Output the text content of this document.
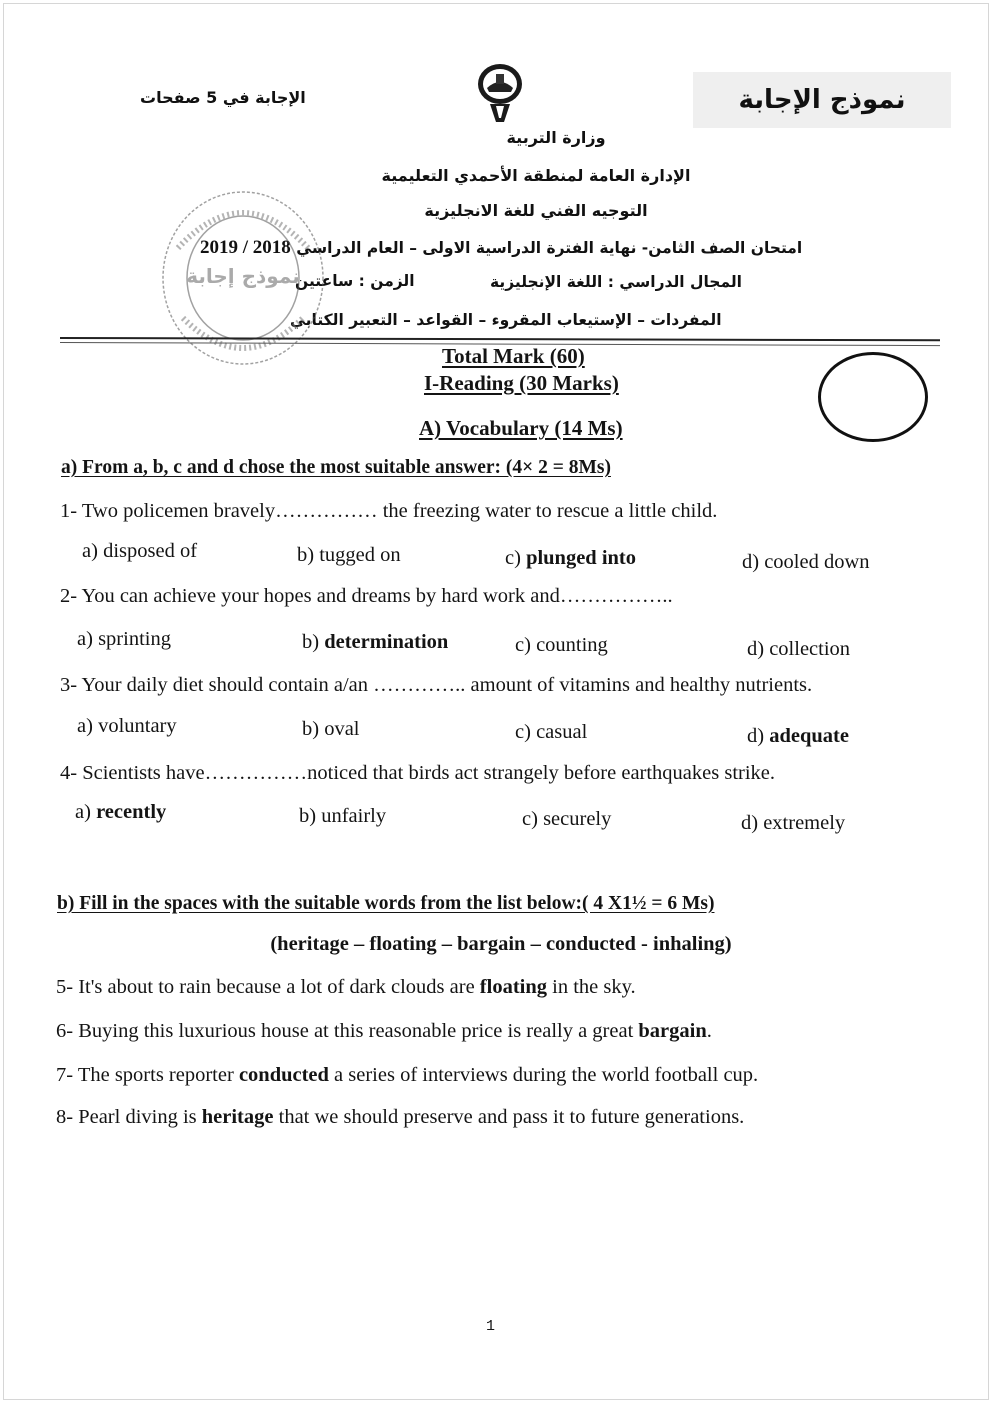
الإجابة في 5 صفحات	نموذج الإجابة
وزارة التربية
الإدارة العامة لمنطقة الأحمدي التعليمية
التوجيه الفني للغة الانجليزية
امتحان الصف الثامن- نهاية الفترة الدراسية الاولى – العام الدراسي 2019 / 2018
المجال الدراسي : اللغة الإنجليزية
الزمن : ساعتين
المفردات – الإستيعاب المقروء – القواعد – التعبير الكتابي
نموذج إجابة
Total Mark (60)
I-Reading (30 Marks)
A) Vocabulary (14 Ms)
a) From a, b, c and d chose the most suitable answer: (4× 2 = 8Ms)
1- Two policemen bravely…………… the freezing water to rescue a little child.
a) disposed of	b) tugged on	c) plunged into	d) cooled down
2- You can achieve your hopes and dreams by hard work and……………..
a) sprinting	b) determination	c) counting	d) collection
3- Your daily diet should contain a/an ………….. amount of vitamins and healthy nutrients.
a) voluntary	b) oval	c) casual	d) adequate
4- Scientists have……………noticed that birds act strangely before earthquakes strike.
a) recently	b) unfairly	c) securely	d) extremely
b) Fill in the spaces with the suitable words from the list below:( 4 X1½ = 6 Ms)
(heritage – floating – bargain – conducted - inhaling)
5- It's about to rain because a lot of dark clouds are floating in the sky.
6- Buying this luxurious house at this reasonable price is really a great bargain.
7- The sports reporter conducted a series of interviews during the world football cup.
8- Pearl diving is heritage that we should preserve and pass it to future generations.
1
